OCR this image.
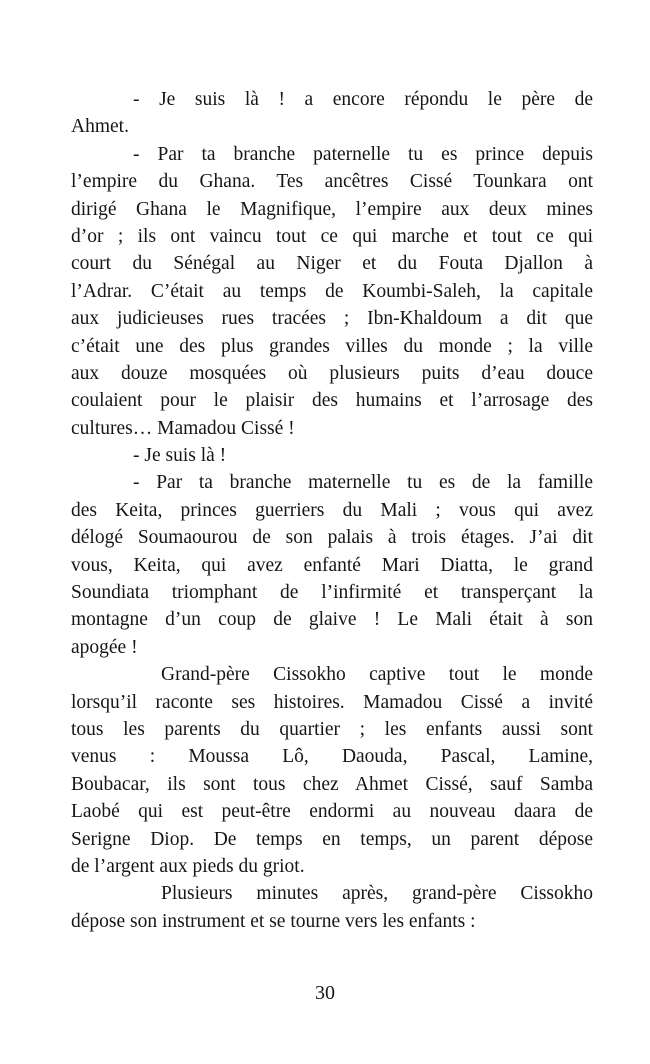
- Je suis là ! a encore répondu le père de
Ahmet.
- Par ta branche paternelle tu es prince depuis
l’empire du Ghana. Tes ancêtres Cissé Tounkara ont
dirigé Ghana le Magnifique, l’empire aux deux mines
d’or ; ils ont vaincu tout ce qui marche et tout ce qui
court du Sénégal au Niger et du Fouta Djallon à
l’Adrar. C’était au temps de Koumbi-Saleh, la capitale
aux judicieuses rues tracées ; Ibn-Khaldoum a dit que
c’était une des plus grandes villes du monde ; la ville
aux douze mosquées où plusieurs puits d’eau douce
coulaient pour le plaisir des humains et l’arrosage des
cultures… Mamadou Cissé !
- Je suis là !
- Par ta branche maternelle tu es de la famille
des Keita, princes guerriers du Mali ; vous qui avez
délogé Soumaourou de son palais à trois étages. J’ai dit
vous, Keita, qui avez enfanté Mari Diatta, le grand
Soundiata triomphant de l’infirmité et transperçant la
montagne d’un coup de glaive ! Le Mali était à son
apogée !
Grand-père Cissokho captive tout le monde
lorsqu’il raconte ses histoires. Mamadou Cissé a invité
tous les parents du quartier ; les enfants aussi sont
venus : Moussa Lô, Daouda, Pascal, Lamine,
Boubacar, ils sont tous chez Ahmet Cissé, sauf Samba
Laobé qui est peut-être endormi au nouveau daara de
Serigne Diop. De temps en temps, un parent dépose
de l’argent aux pieds du griot.
Plusieurs minutes après, grand-père Cissokho
dépose son instrument et se tourne vers les enfants :
30
